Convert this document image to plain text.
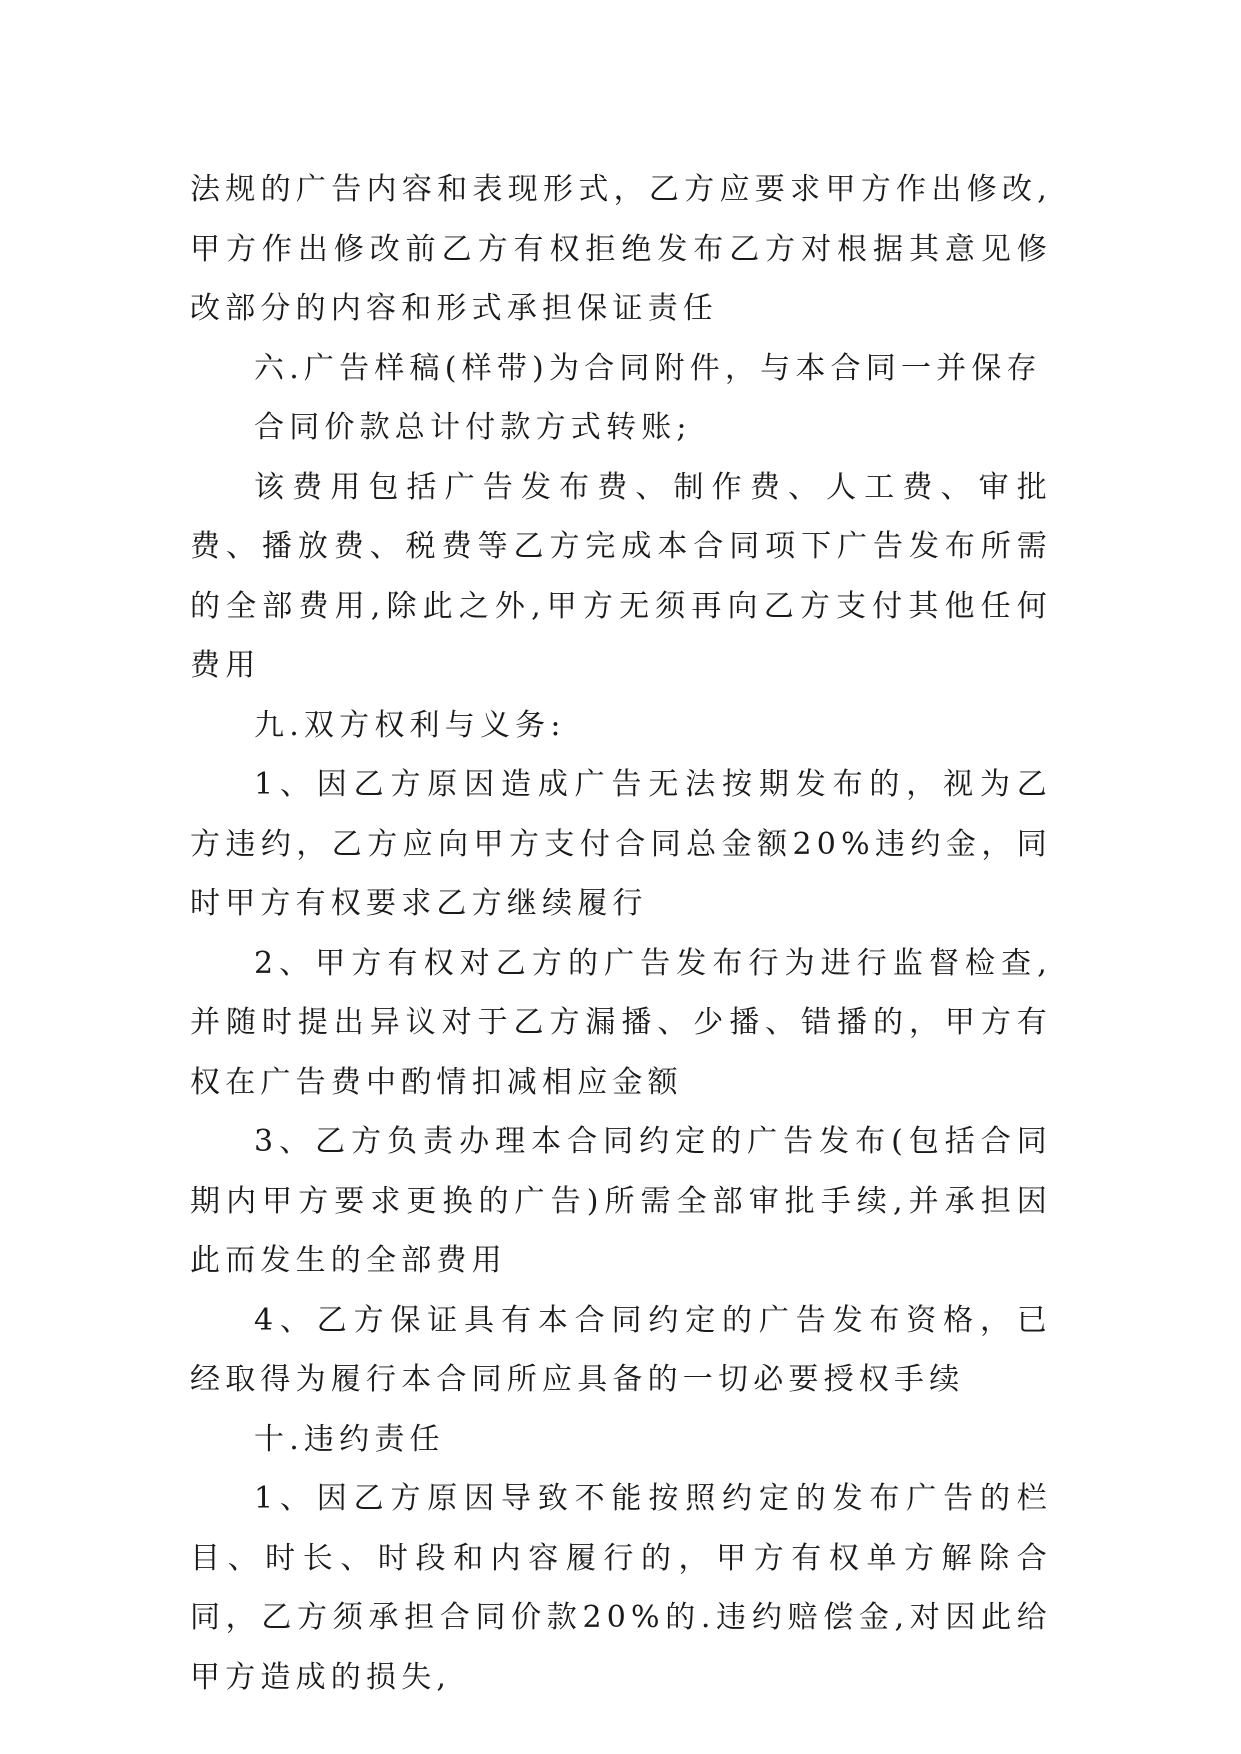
法规的广告内容和表现形式，乙方应要求甲方作出修改,甲方作出修改前乙方有权拒绝发布乙方对根据其意见修改部分的内容和形式承担保证责任

六.广告样稿(样带)为合同附件，与本合同一并保存

合同价款总计付款方式转账;

该费用包括广告发布费、制作费、人工费、审批费、播放费、税费等乙方完成本合同项下广告发布所需的全部费用,除此之外,甲方无须再向乙方支付其他任何费用

九.双方权利与义务:

1、因乙方原因造成广告无法按期发布的，视为乙方违约，乙方应向甲方支付合同总金额20%违约金，同时甲方有权要求乙方继续履行

2、甲方有权对乙方的广告发布行为进行监督检查,并随时提出异议对于乙方漏播、少播、错播的，甲方有权在广告费中酌情扣减相应金额

3、乙方负责办理本合同约定的广告发布(包括合同期内甲方要求更换的广告)所需全部审批手续,并承担因此而发生的全部费用

4、乙方保证具有本合同约定的广告发布资格，已经取得为履行本合同所应具备的一切必要授权手续

十.违约责任

1、因乙方原因导致不能按照约定的发布广告的栏目、时长、时段和内容履行的，甲方有权单方解除合同，乙方须承担合同价款20%的.违约赔偿金,对因此给甲方造成的损失,
